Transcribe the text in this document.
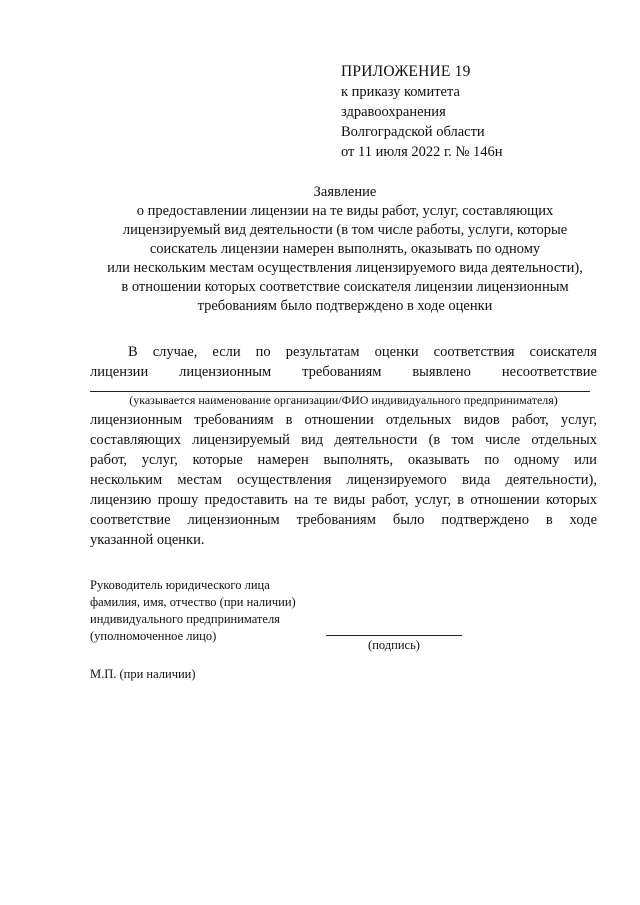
ПРИЛОЖЕНИЕ 19
к приказу комитета
здравоохранения
Волгоградской области
от 11 июля 2022 г. № 146н
Заявление
о предоставлении лицензии на те виды работ, услуг, составляющих
лицензируемый вид деятельности (в том числе работы, услуги, которые
соискатель лицензии намерен выполнять, оказывать по одному
или нескольким местам осуществления лицензируемого вида деятельности),
в отношении которых соответствие соискателя лицензии лицензионным
требованиям было подтверждено в ходе оценки
В случае, если по результатам оценки соответствия соискателя
лицензии лицензионным требованиям выявлено несоответствие
(указывается наименование организации/ФИО индивидуального предпринимателя)
лицензионным требованиям в отношении отдельных видов работ, услуг,
составляющих лицензируемый вид деятельности (в том числе отдельных
работ, услуг, которые намерен выполнять, оказывать по одному или
нескольким местам осуществления лицензируемого вида деятельности),
лицензию прошу предоставить на те виды работ, услуг, в отношении которых
соответствие лицензионным требованиям было подтверждено в ходе
указанной оценки.
Руководитель юридического лица
фамилия, имя, отчество (при наличии)
индивидуального предпринимателя
(уполномоченное лицо)
(подпись)
М.П. (при наличии)
